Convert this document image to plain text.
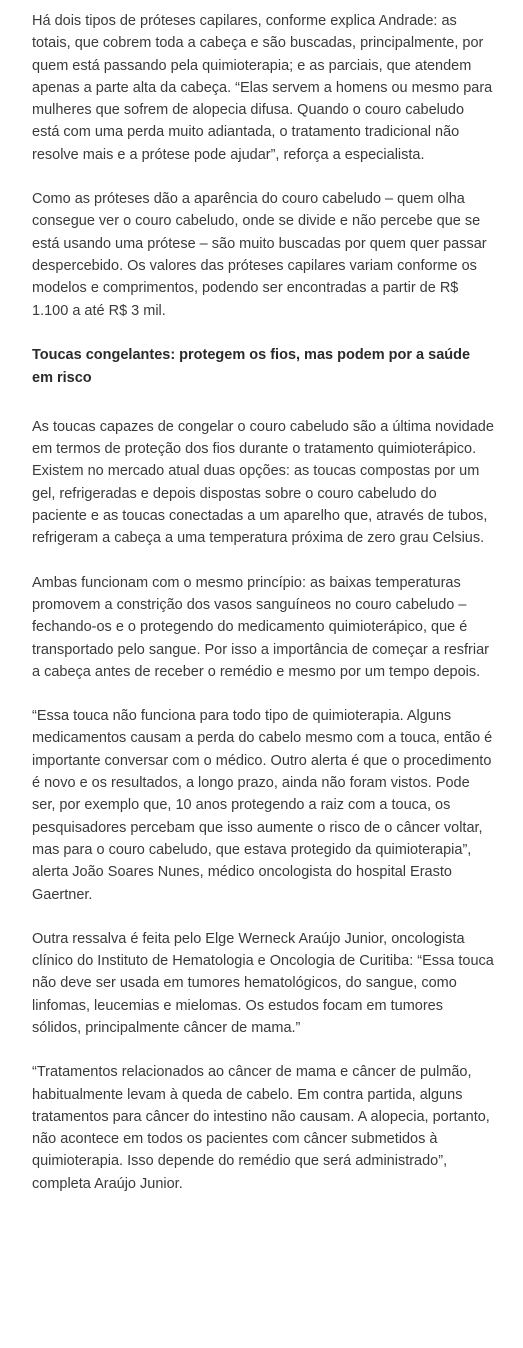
Há dois tipos de próteses capilares, conforme explica Andrade: as totais, que cobrem toda a cabeça e são buscadas, principalmente, por quem está passando pela quimioterapia; e as parciais, que atendem apenas a parte alta da cabeça. “Elas servem a homens ou mesmo para mulheres que sofrem de alopecia difusa. Quando o couro cabeludo está com uma perda muito adiantada, o tratamento tradicional não resolve mais e a prótese pode ajudar”, reforça a especialista.

Como as próteses dão a aparência do couro cabeludo – quem olha consegue ver o couro cabeludo, onde se divide e não percebe que se está usando uma prótese – são muito buscadas por quem quer passar despercebido. Os valores das próteses capilares variam conforme os modelos e comprimentos, podendo ser encontradas a partir de R$ 1.100 a até R$ 3 mil.

Toucas congelantes: protegem os fios, mas podem por a saúde em risco

As toucas capazes de congelar o couro cabeludo são a última novidade em termos de proteção dos fios durante o tratamento quimioterápico. Existem no mercado atual duas opções: as toucas compostas por um gel, refrigeradas e depois dispostas sobre o couro cabeludo do paciente e as toucas conectadas a um aparelho que, através de tubos, refrigeram a cabeça a uma temperatura próxima de zero grau Celsius.

Ambas funcionam com o mesmo princípio: as baixas temperaturas promovem a constrição dos vasos sanguíneos no couro cabeludo – fechando-os e o protegendo do medicamento quimioterápico, que é transportado pelo sangue. Por isso a importância de começar a resfriar a cabeça antes de receber o remédio e mesmo por um tempo depois.

“Essa touca não funciona para todo tipo de quimioterapia. Alguns medicamentos causam a perda do cabelo mesmo com a touca, então é importante conversar com o médico. Outro alerta é que o procedimento é novo e os resultados, a longo prazo, ainda não foram vistos. Pode ser, por exemplo que, 10 anos protegendo a raiz com a touca, os pesquisadores percebam que isso aumente o risco de o câncer voltar, mas para o couro cabeludo, que estava protegido da quimioterapia”, alerta João Soares Nunes, médico oncologista do hospital Erasto Gaertner.

Outra ressalva é feita pelo Elge Werneck Araújo Junior, oncologista clínico do Instituto de Hematologia e Oncologia de Curitiba: “Essa touca não deve ser usada em tumores hematológicos, do sangue, como linfomas, leucemias e mielomas. Os estudos focam em tumores sólidos, principalmente câncer de mama.”

“Tratamentos relacionados ao câncer de mama e câncer de pulmão, habitualmente levam à queda de cabelo. Em contra partida, alguns tratamentos para câncer do intestino não causam. A alopecia, portanto, não acontece em todos os pacientes com câncer submetidos à quimioterapia. Isso depende do remédio que será administrado”, completa Araújo Junior.
